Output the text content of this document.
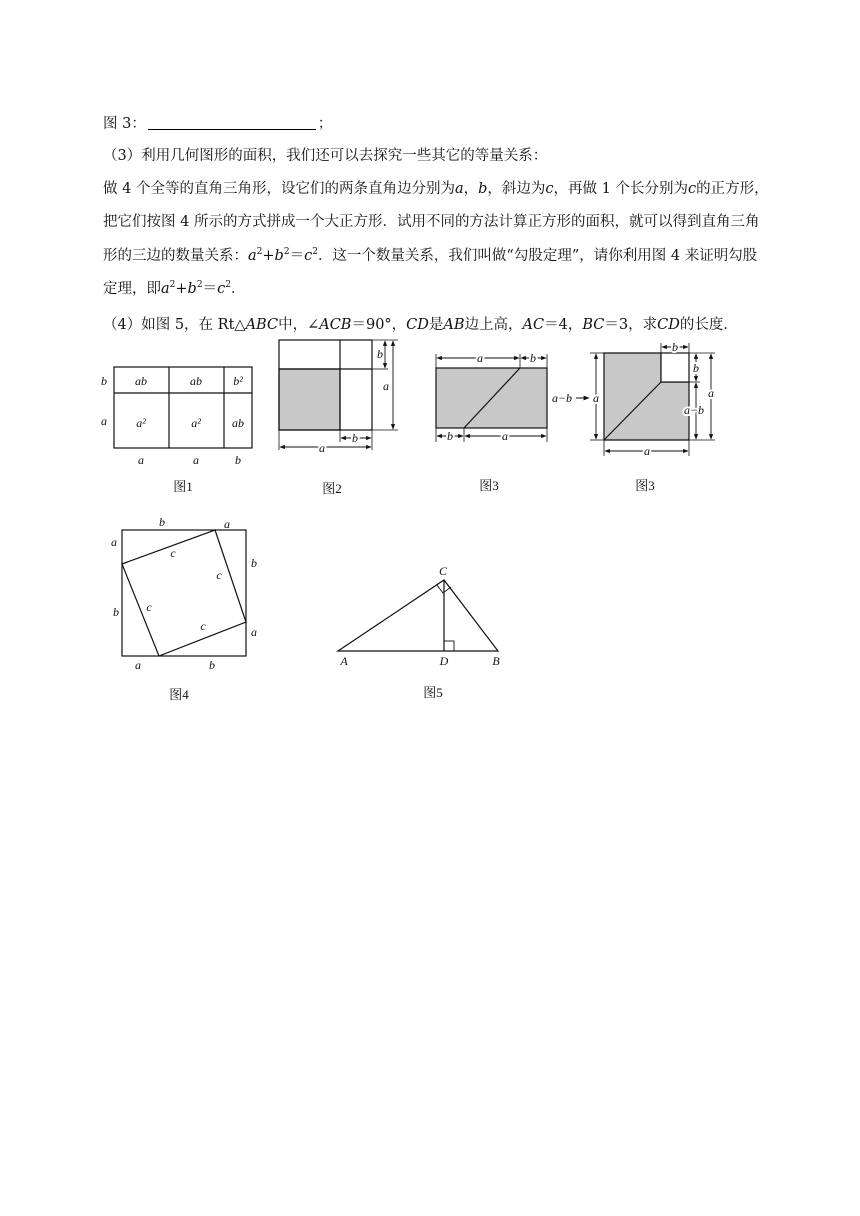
图 3：	；
（3）利用几何图形的面积，我们还可以去探究一些其它的等量关系：
做 4 个全等的直角三角形，设它们的两条直角边分别为a，b，斜边为c，再做 1 个长分别为c的正方形，
把它们按图 4 所示的方式拼成一个大正方形．试用不同的方法计算正方形的面积，就可以得到直角三角
形的三边的数量关系：$a^2+b^2=c^2$．这一个数量关系，我们叫做“勾股定理”，请你利用图 4 来证明勾股
定理，即$a^2+b^2=c^2$．
（4）如图 5，在 Rt△ABC中，∠ACB＝90°，CD是AB边上高，AC＝4，BC＝3，求CD的长度．
ab	ab	b²
a²	a²	ab
b
a
a	a	b
图1
b
a
a
b
图2
a	b
a−b
b	a
图3
b
b
a	a
a−b
a
图3
b	a
a
b
b
a
a	b
c
c
c
c
图4
C
A	D	B
图5
